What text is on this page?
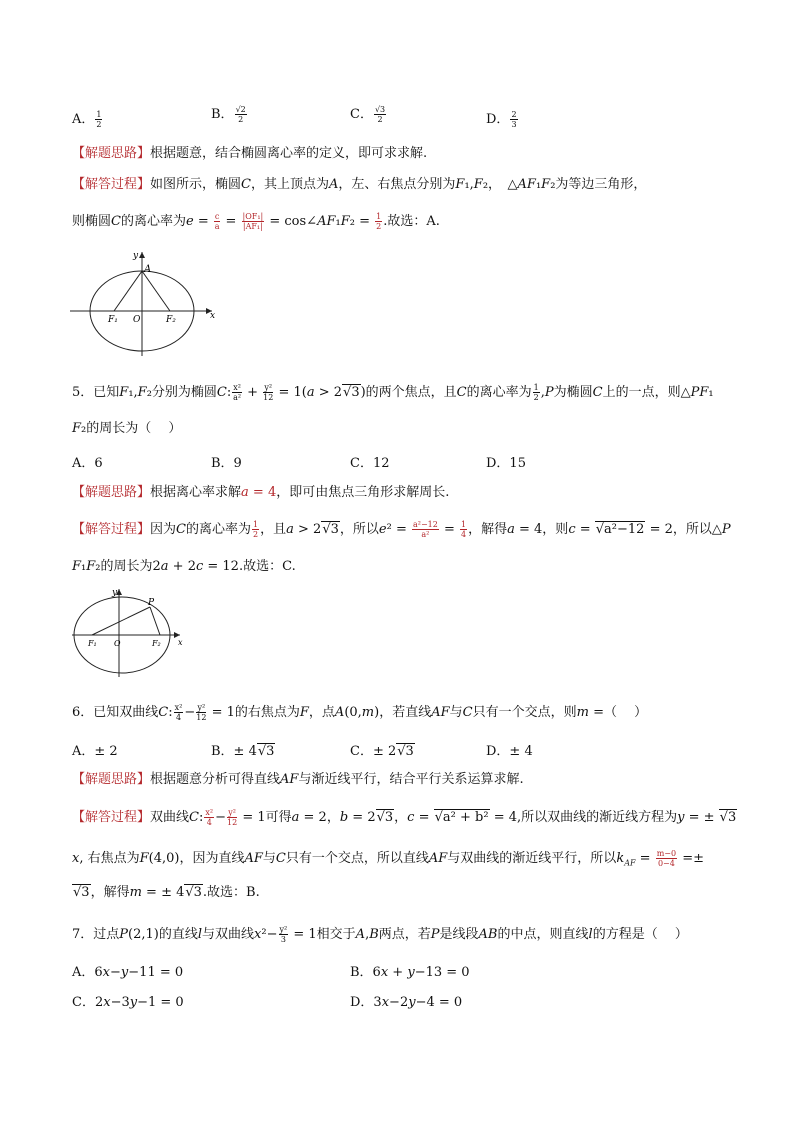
A． $\frac{1}{2}$	B． $\frac{√2}{2}$	C． $\frac{√3}{2}$	D． $\frac{2}{3}$
【解题思路】根据题意，结合椭圆离心率的定义，即可求求解.
【解答过程】如图所示，椭圆C，其上顶点为A，左、右焦点分别为F₁,F₂，　△AF₁F₂为等边三角形，
则椭圆C的离心率为$e = \frac{c}{a} = \frac{\text{|OF₁|}}{\text{|AF₁|}}$ = cos∠AF₁F₂ = $\frac{1}{2}$ .故选：A.
y
A
F₁ O	F₂	x
5．已知F₁,F₂分别为椭圆C: $\frac{\text{x²}}{\text{a²}} + \frac{\text{y²}}{12} = 1(a > 2√3)$的两个焦点，且C的离心率为 $\frac{1}{2} ,P$为椭圆C上的一点，则△PF₁
F₂的周长为（　 ）
A．6	B．9	C．12	D．15
【解题思路】根据离心率求解a = 4，即可由焦点三角形求解周长.
【解答过程】因为C的离心率为 $\frac{1}{2}$ ，且a > 2√3，所以$e^2 = \frac{\text{a²−12}}{\text{a²}} = \frac{1}{4}$ ，解得a = 4，则c = √a²−12 = 2，所以△P
F₁F₂的周长为2a + 2c = 12.故选：C.
y
P
F₁ O	F₂ x
6．已知双曲线C: $\frac{\text{x²}}{4} - \frac{\text{y²}}{12} = 1$的右焦点为F，点A(0,m)，若直线AF与C只有一个交点，则m =（　 ）
A．± 2	B．± 4√3	C．± 2√3	D．± 4
【解题思路】根据题意分析可得直线AF与渐近线平行，结合平行关系运算求解.
【解答过程】双曲线C: $\frac{\text{x²}}{4} - \frac{\text{y²}}{12} = 1$可得a = 2，b = 2√3，c = √a² + b² = 4,所以双曲线的渐近线方程为y = ± √3
x, 右焦点为F(4,0)，因为直线AF与C只有一个交点，所以直线AF与双曲线的渐近线平行，所以$k_{AF} = \frac{m-0}{0-4}$ =±
√3，解得m = ± 4√3.故选：B.
7．过点P(2,1)的直线l与双曲线$x^2- \frac{\text{y²}}{3} = 1$相交于A,B两点，若P是线段AB的中点，则直线l的方程是（　 ）
A．6x−y−11 = 0	B．6x + y−13 = 0
C．2x−3y−1 = 0	D．3x−2y−4 = 0
